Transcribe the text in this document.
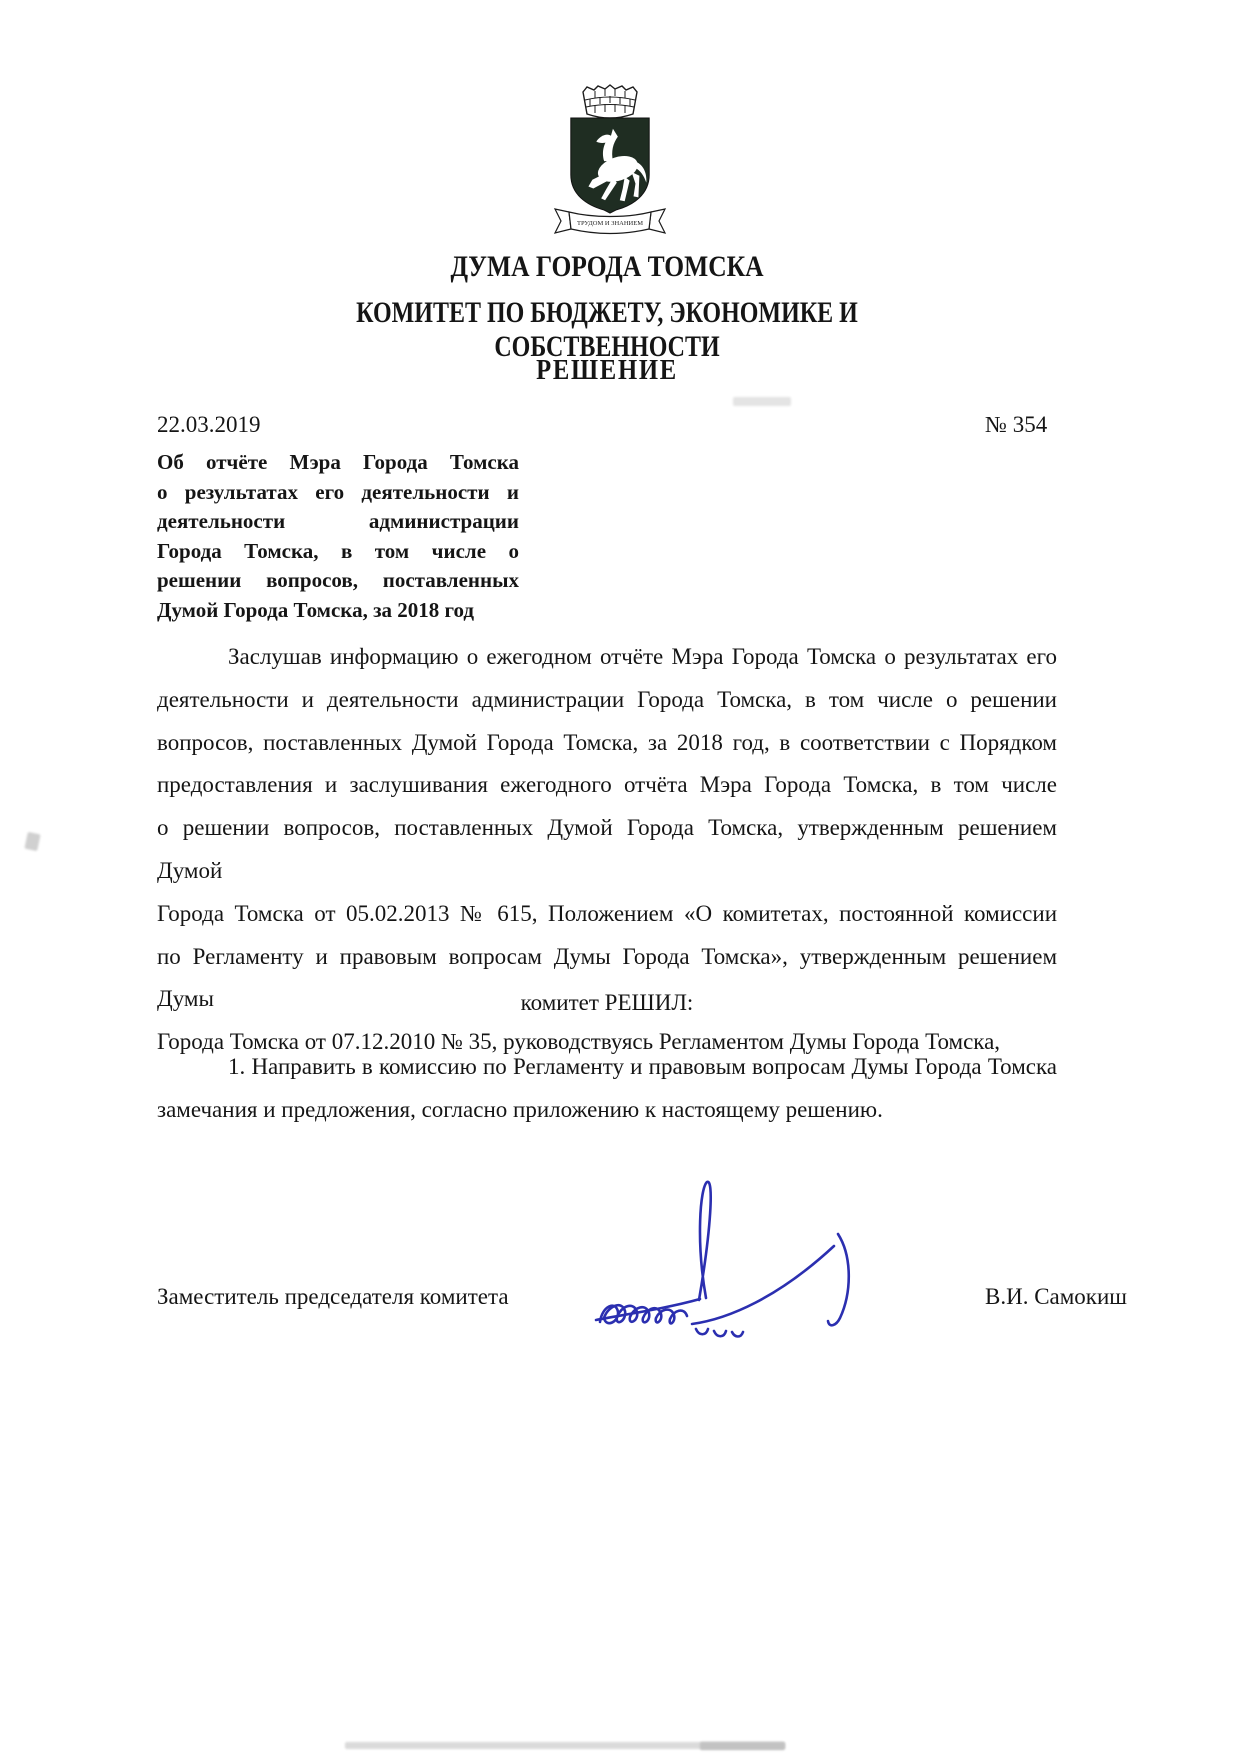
ТРУДОМ И ЗНАНИЕМ
ДУМА ГОРОДА ТОМСКА
КОМИТЕТ ПО БЮДЖЕТУ, ЭКОНОМИКЕ И СОБСТВЕННОСТИ
РЕШЕНИЕ
22.03.2019	№ 354
Об отчёте Мэра Города Томска
о результатах его деятельности и
деятельности администрации
Города Томска, в том числе о
решении вопросов, поставленных
Думой Города Томска, за 2018 год
Заслушав информацию о ежегодном отчёте Мэра Города Томска о результатах его
деятельности и деятельности администрации Города Томска, в том числе о решении
вопросов, поставленных Думой Города Томска, за 2018 год, в соответствии с Порядком
предоставления и заслушивания ежегодного отчёта Мэра Города Томска, в том числе
о решении вопросов, поставленных Думой Города Томска, утвержденным решением Думой
Города Томска от 05.02.2013 № 615, Положением «О комитетах, постоянной комиссии
по Регламенту и правовым вопросам Думы Города Томска», утвержденным решением Думы
Города Томска от 07.12.2010 № 35, руководствуясь Регламентом Думы Города Томска,
комитет РЕШИЛ:
1. Направить в комиссию по Регламенту и правовым вопросам Думы Города Томска
замечания и предложения, согласно приложению к настоящему решению.
Заместитель председателя комитета	В.И. Самокиш
